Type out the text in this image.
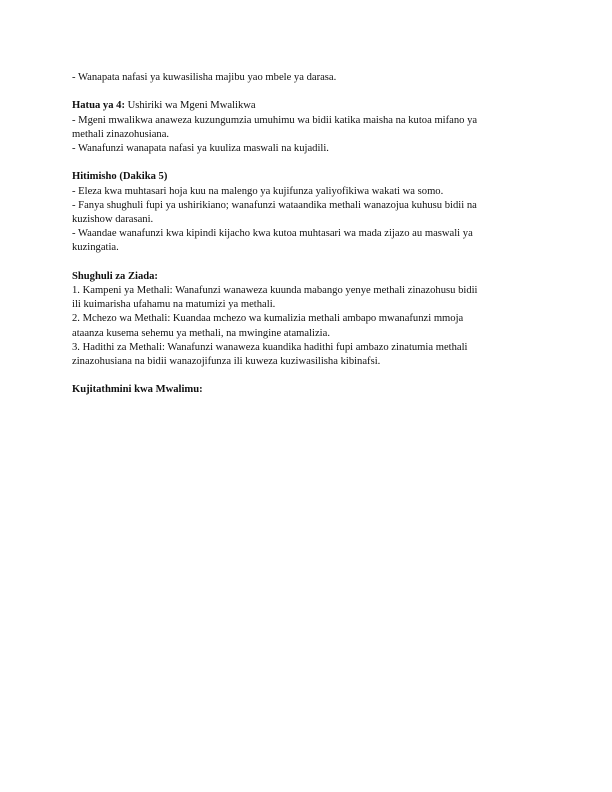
- Wanapata nafasi ya kuwasilisha majibu yao mbele ya darasa.
Hatua ya 4: Ushiriki wa Mgeni Mwalikwa
- Mgeni mwalikwa anaweza kuzungumzia umuhimu wa bidii katika maisha na kutoa mifano ya
methali zinazohusiana.
- Wanafunzi wanapata nafasi ya kuuliza maswali na kujadili.
Hitimisho (Dakika 5)
- Eleza kwa muhtasari hoja kuu na malengo ya kujifunza yaliyofikiwa wakati wa somo.
- Fanya shughuli fupi ya ushirikiano; wanafunzi wataandika methali wanazojua kuhusu bidii na
kuzishow darasani.
- Waandae wanafunzi kwa kipindi kijacho kwa kutoa muhtasari wa mada zijazo au maswali ya
kuzingatia.
Shughuli za Ziada:
1. Kampeni ya Methali: Wanafunzi wanaweza kuunda mabango yenye methali zinazohusu bidii
ili kuimarisha ufahamu na matumizi ya methali.
2. Mchezo wa Methali: Kuandaa mchezo wa kumalizia methali ambapo mwanafunzi mmoja
ataanza kusema sehemu ya methali, na mwingine atamalizia.
3. Hadithi za Methali: Wanafunzi wanaweza kuandika hadithi fupi ambazo zinatumia methali
zinazohusiana na bidii wanazojifunza ili kuweza kuziwasilisha kibinafsi.
Kujitathmini kwa Mwalimu:
